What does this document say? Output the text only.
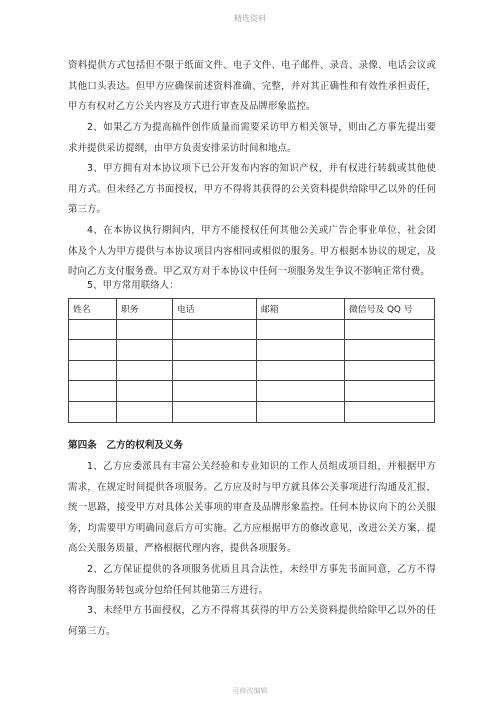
精选资料

资料提供方式包括但不限于纸面文件、电子文件、电子邮件、录音、录像、电话会议或其他口头表达。但甲方应确保前述资料准确、完整，并对其正确性和有效性承担责任，甲方有权对乙方公关内容及方式进行审查及品牌形象监控。

2、如果乙方为提高稿件创作质量而需要采访甲方相关领导，则由乙方事先提出要求并提供采访提纲，由甲方负责安排采访时间和地点。

3、甲方拥有对本协议项下已公开发布内容的知识产权，并有权进行转载或其他使用方式。但未经乙方书面授权，甲方不得将其获得的公关资料提供给除甲乙以外的任何第三方。

4、在本协议执行期间内，甲方不能授权任何其他公关或广告企事业单位、社会团体及个人为甲方提供与本协议项目内容相同或相似的服务。甲方根据本协议的规定，及时向乙方支付服务费。甲乙双方对于本协议中任何一项服务发生争议不影响正常付费。

5、甲方常用联络人：

姓名	职务	电话	邮箱	微信号及 QQ 号

第四条　乙方的权利及义务

1、乙方应委派具有丰富公关经验和专业知识的工作人员组成项目组，并根据甲方需求，在规定时间提供各项服务。乙方应及时与甲方就具体公关事项进行沟通及汇报，统一思路，接受甲方对具体公关事项的审查及品牌形象监控。任何本协议向下的公关服务，均需要甲方明确同意后方可实施。乙方应根据甲方的修改意见，改进公关方案，提高公关服务质量，严格根据代理内容，提供各项服务。

2、乙方保证提供的各项服务优质且具合法性，未经甲方事先书面同意，乙方不得将咨询服务转包或分包给任何其他第三方进行。

3、未经甲方书面授权，乙方不得将其获得的甲方公关资料提供给除甲乙以外的任何第三方。

可修改编辑
